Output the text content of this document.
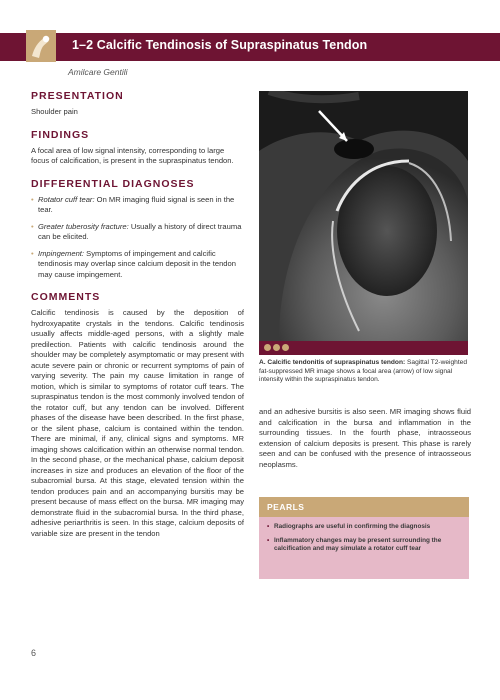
1–2 Calcific Tendinosis of Supraspinatus Tendon
Amilcare Gentili
PRESENTATION
Shoulder pain
FINDINGS
A focal area of low signal intensity, corresponding to large focus of calcification, is present in the supraspinatus tendon.
DIFFERENTIAL DIAGNOSES
• Rotator cuff tear: On MR imaging fluid signal is seen in the tear.
• Greater tuberosity fracture: Usually a history of direct trauma can be elicited.
• Impingement: Symptoms of impingement and calcific tendinosis may overlap since calcium deposit in the tendon may cause impingement.
COMMENTS
Calcific tendinosis is caused by the deposition of hydroxyapatite crystals in the tendons. Calcific tendinosis usually affects middle-aged persons, with a slightly male predilection. Patients with calcific tendinosis around the shoulder may be completely asymptomatic or may present with acute severe pain or chronic or recurrent symptoms of pain of varying severity. The pain my cause limitation in range of motion, which is similar to symptoms of rotator cuff tears. The supraspinatus tendon is the most commonly involved tendon of the rotator cuff, but any tendon can be involved. Different phases of the disease have been described. In the first phase, or the silent phase, calcium is contained within the tendon. There are minimal, if any, clinical signs and symptoms. MR imaging shows calcification within an otherwise normal tendon. In the second phase, or the mechanical phase, calcium deposit increases in size and produces an elevation of the floor of the subacromial bursa. At this stage, elevated tension within the tendon produces pain and an accompanying bursitis may be present because of mass effect on the bursa. MR imaging may demonstrate fluid in the subacromial bursa. In the third phase, adhesive periarthritis is seen. In this stage, calcium deposits of variable size are present in the tendon
A. Calcific tendonitis of supraspinatus tendon: Sagittal T2-weighted fat-suppressed MR image shows a focal area (arrow) of low signal intensity within the supraspinatus tendon.
and an adhesive bursitis is also seen. MR imaging shows fluid and calcification in the bursa and inflammation in the surrounding tissues. In the fourth phase, intraosseous extension of calcium deposits is present. This phase is rarely seen and can be confused with the presence of intraosseous neoplasms.
PEARLS
• Radiographs are useful in confirming the diagnosis
• Inflammatory changes may be present surrounding the calcification and may simulate a rotator cuff tear
6
